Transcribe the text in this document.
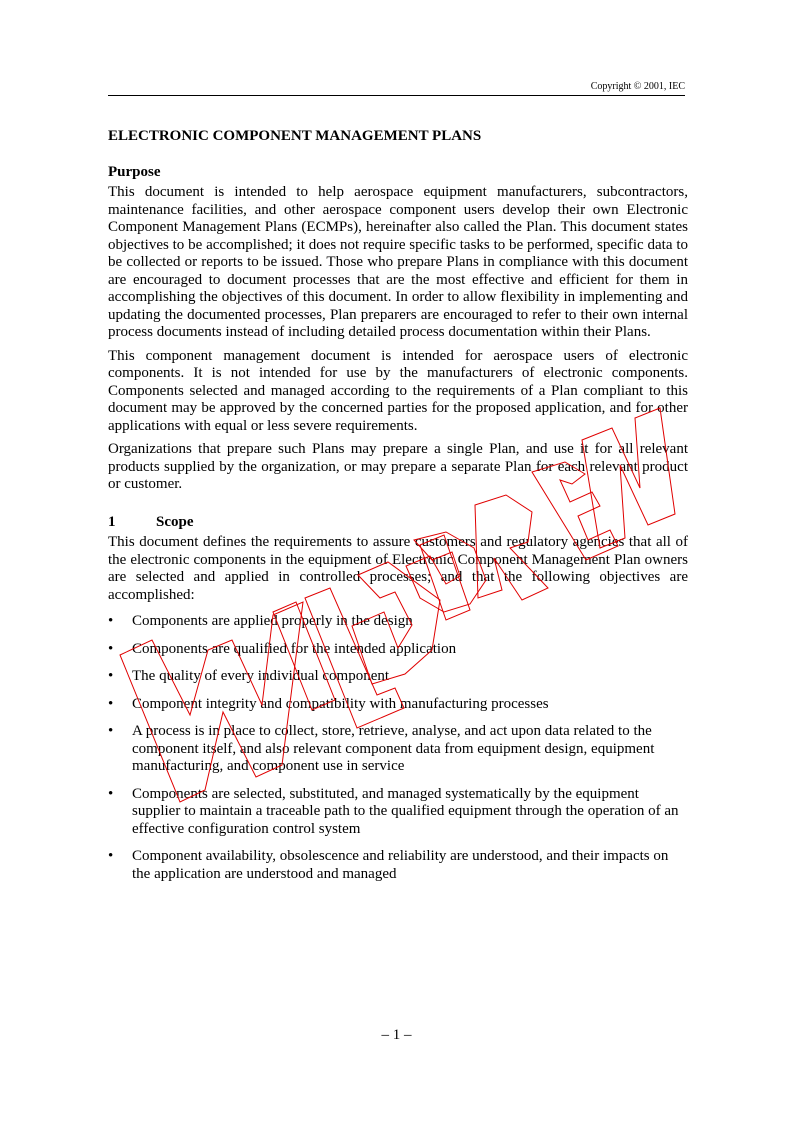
Copyright © 2001, IEC
ELECTRONIC COMPONENT MANAGEMENT PLANS
Purpose

This document is intended to help aerospace equipment manufacturers, subcontractors, maintenance facilities, and other aerospace component users develop their own Electronic Component Management Plans (ECMPs), hereinafter also called the Plan. This document states objectives to be accomplished; it does not require specific tasks to be performed, specific data to be collected or reports to be issued. Those who prepare Plans in compliance with this document are encouraged to document processes that are the most effective and efficient for them in accomplishing the objectives of this document. In order to allow flexibility in implementing and updating the documented processes, Plan preparers are encouraged to refer to their own internal process documents instead of including detailed process documentation within their Plans.

This component management document is intended for aerospace users of electronic components. It is not intended for use by the manufacturers of electronic components. Components selected and managed according to the requirements of a Plan compliant to this document may be approved by the concerned parties for the proposed application, and for other applications with equal or less severe requirements.

Organizations that prepare such Plans may prepare a single Plan, and use it for all relevant products supplied by the organization, or may prepare a separate Plan for each relevant product or customer.

1	Scope

This document defines the requirements to assure customers and regulatory agencies that all of the electronic components in the equipment of Electronic Component Management Plan owners are selected and applied in controlled processes; and that the following objectives are accomplished:

• Components are applied properly in the design
• Components are qualified for the intended application
• The quality of every individual component
• Component integrity and compatibility with manufacturing processes
• A process is in place to collect, store, retrieve, analyse, and act upon data related to the component itself, and also relevant component data from equipment design, equipment manufacturing, and component use in service
• Components are selected, substituted, and managed systematically by the equipment supplier to maintain a traceable path to the qualified equipment through the operation of an effective configuration control system
• Component availability, obsolescence and reliability are understood, and their impacts on the application are understood and managed
– 1 –
